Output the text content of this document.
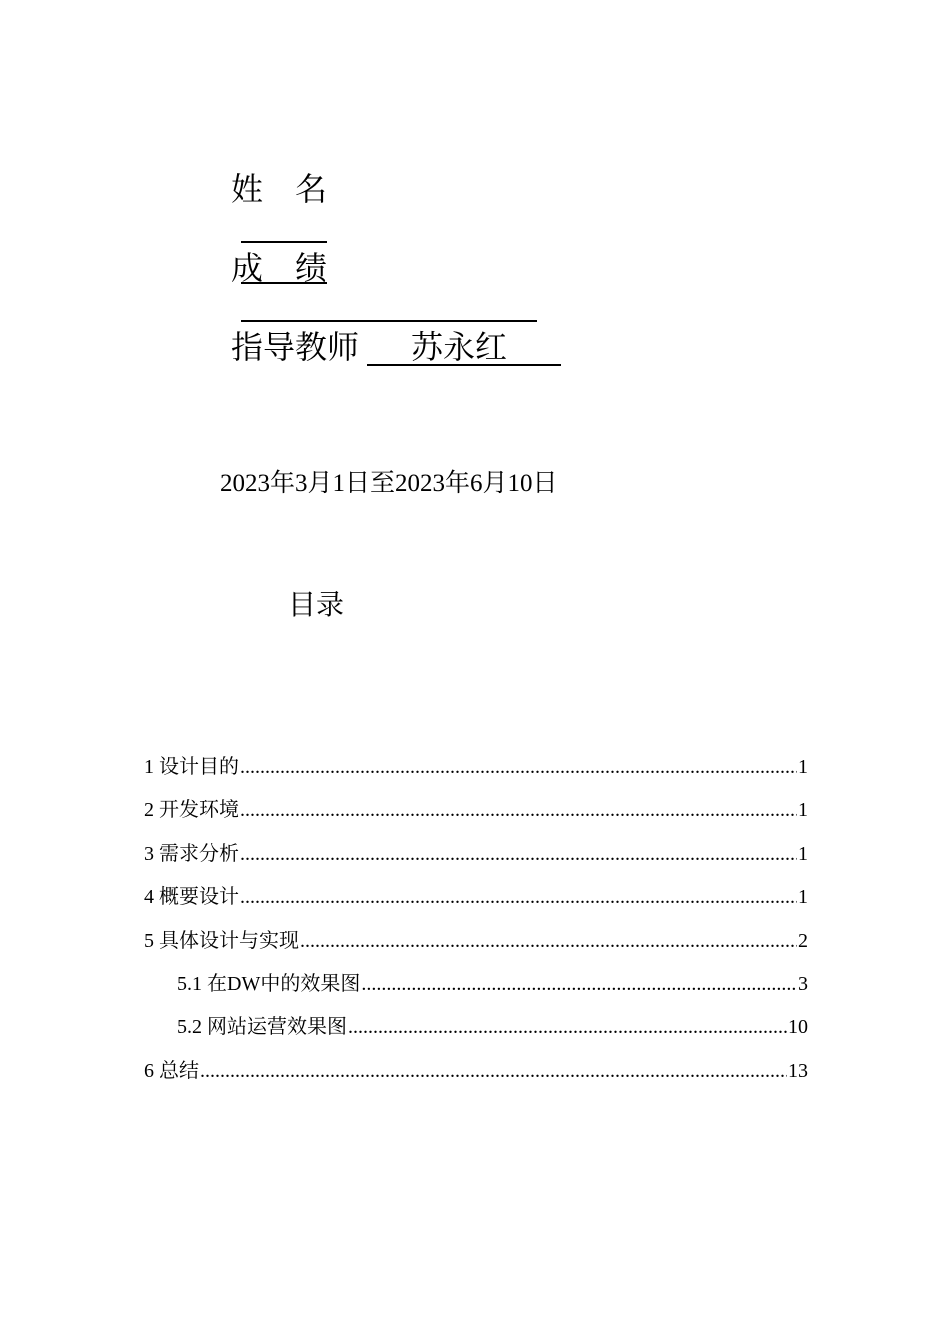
姓　名

成　绩

指导教师 苏永红

2023年3月1日至2023年6月10日
目录
1 设计目的 .....	1
2 开发环境 .....	1
3 需求分析 .....	1
4 概要设计 .....	1
5 具体设计与实现 .....	2
5.1 在DW中的效果图 .....	3
5.2 网站运营效果图 .....	10
6 总结 .....	13
